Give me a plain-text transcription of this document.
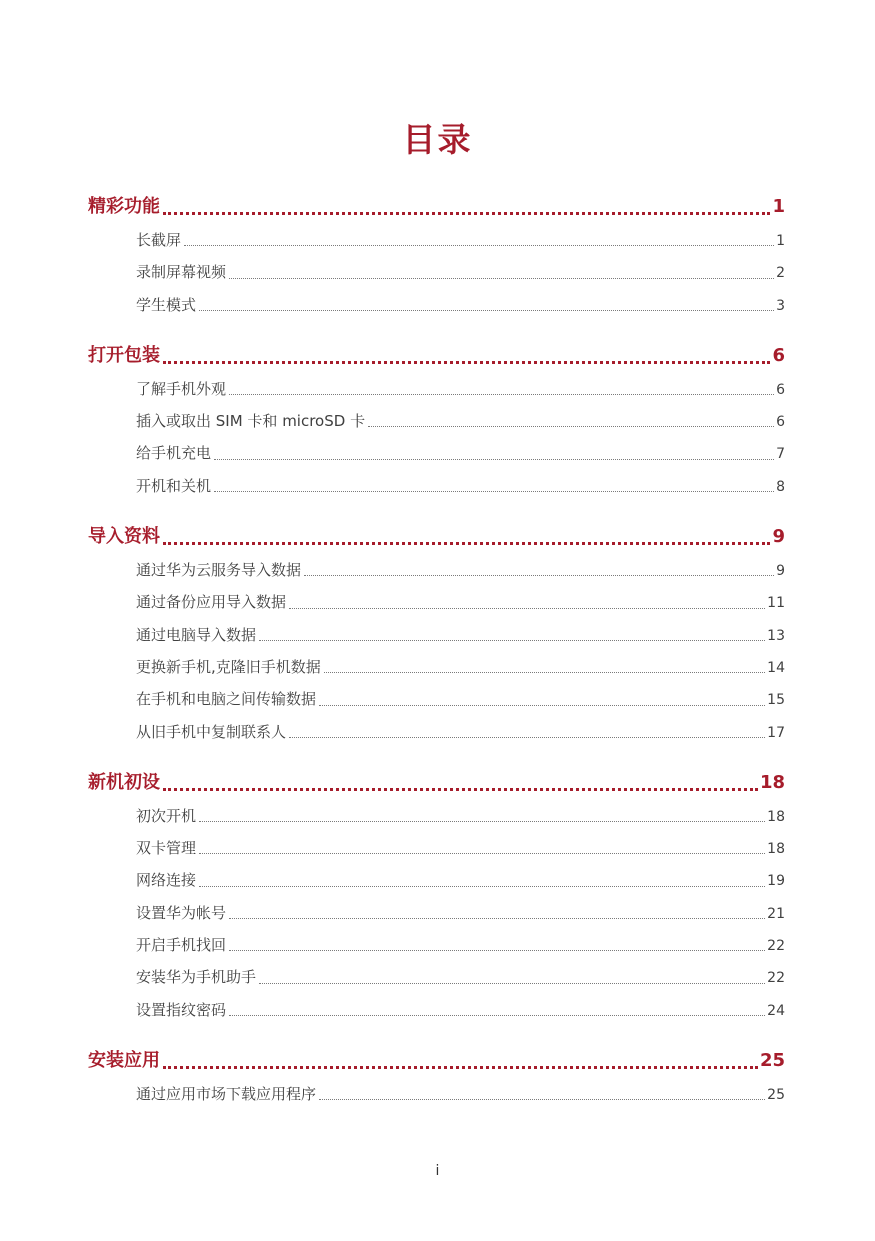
目录
精彩功能	1
长截屏	1
录制屏幕视频	2
学生模式	3
打开包装	6
了解手机外观	6
插入或取出 SIM 卡和 microSD 卡	6
给手机充电	7
开机和关机	8
导入资料	9
通过华为云服务导入数据	9
通过备份应用导入数据	11
通过电脑导入数据	13
更换新手机,克隆旧手机数据	14
在手机和电脑之间传输数据	15
从旧手机中复制联系人	17
新机初设	18
初次开机	18
双卡管理	18
网络连接	19
设置华为帐号	21
开启手机找回	22
安装华为手机助手	22
设置指纹密码	24
安装应用	25
通过应用市场下载应用程序	25
i
